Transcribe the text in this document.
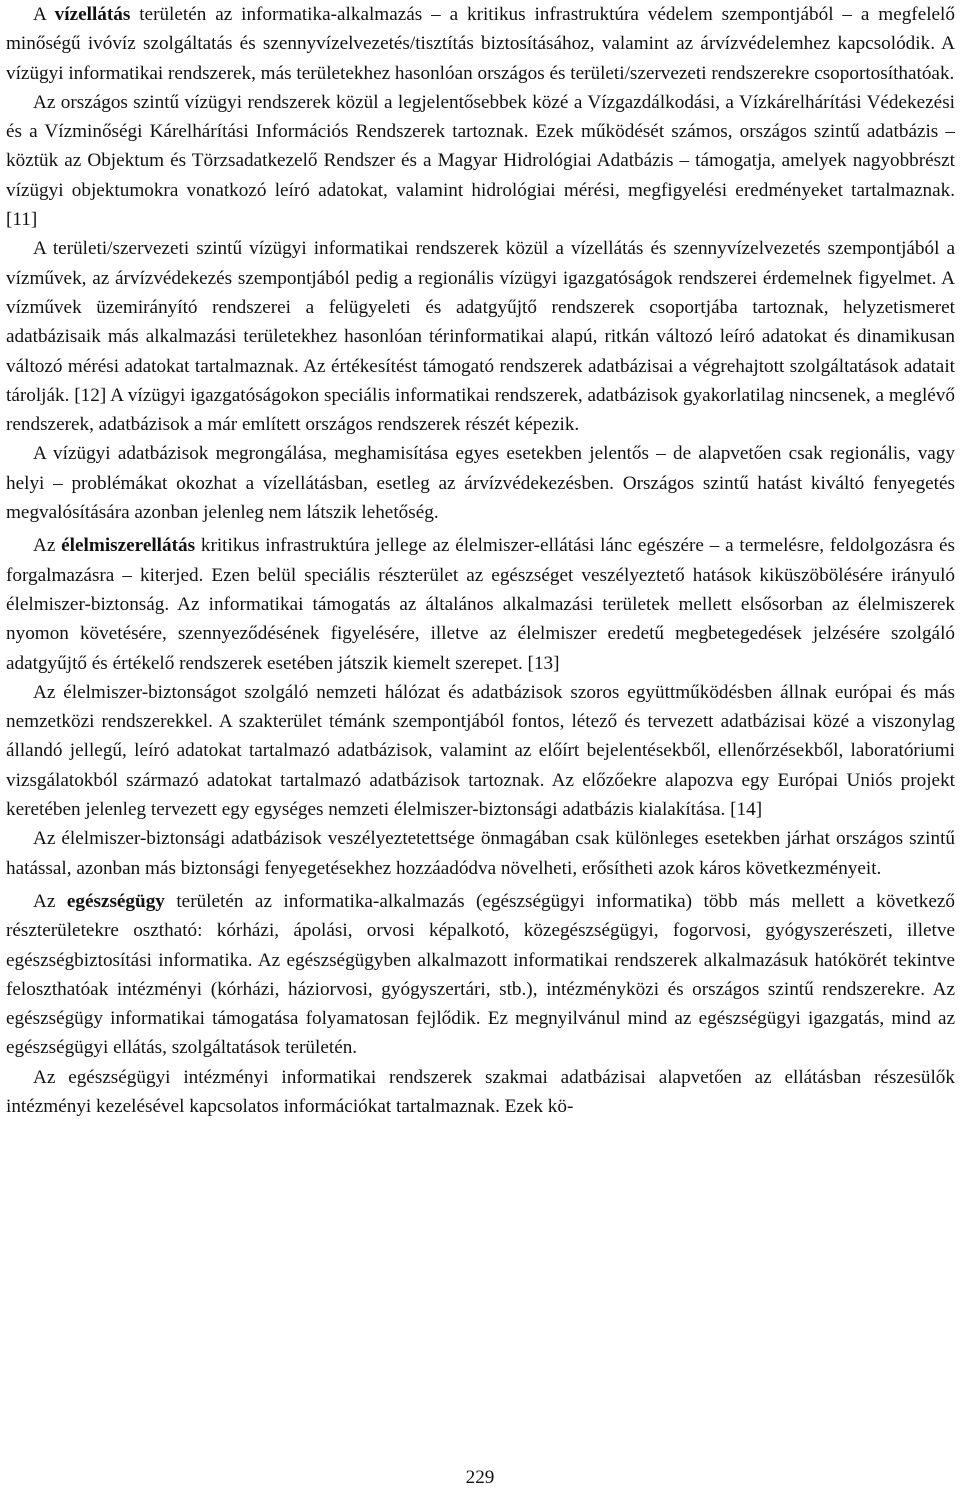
A vízellátás területén az informatika-alkalmazás – a kritikus infrastruktúra védelem szempontjából – a megfelelő minőségű ivóvíz szolgáltatás és szennyvízelvezetés/tisztítás biztosításához, valamint az árvízvédelemhez kapcsolódik. A vízügyi informatikai rendszerek, más területekhez hasonlóan országos és területi/szervezeti rendszerekre csoportosíthatóak.

Az országos szintű vízügyi rendszerek közül a legjelentősebbek közé a Vízgazdálkodási, a Vízkárelhárítási Védekezési és a Vízminőségi Kárelhárítási Információs Rendszerek tartoznak. Ezek működését számos, országos szintű adatbázis – köztük az Objektum és Törzsadatkezelő Rendszer és a Magyar Hidrológiai Adatbázis – támogatja, amelyek nagyobbrészt vízügyi objektumokra vonatkozó leíró adatokat, valamint hidrológiai mérési, megfigyelési eredményeket tartalmaznak. [11]

A területi/szervezeti szintű vízügyi informatikai rendszerek közül a vízellátás és szennyvízelvezetés szempontjából a vízművek, az árvízvédekezés szempontjából pedig a regionális vízügyi igazgatóságok rendszerei érdemelnek figyelmet. A vízművek üzemirányító rendszerei a felügyeleti és adatgyűjtő rendszerek csoportjába tartoznak, helyzetismeret adatbázisaik más alkalmazási területekhez hasonlóan térinformatikai alapú, ritkán változó leíró adatokat és dinamikusan változó mérési adatokat tartalmaznak. Az értékesítést támogató rendszerek adatbázisai a végrehajtott szolgáltatások adatait tárolják. [12] A vízügyi igazgatóságokon speciális informatikai rendszerek, adatbázisok gyakorlatilag nincsenek, a meglévő rendszerek, adatbázisok a már említett országos rendszerek részét képezik.

A vízügyi adatbázisok megrongálása, meghamisítása egyes esetekben jelentős – de alapvetően csak regionális, vagy helyi – problémákat okozhat a vízellátásban, esetleg az árvízvédekezésben. Országos szintű hatást kiváltó fenyegetés megvalósítására azonban jelenleg nem látszik lehetőség.

Az élelmiszerellátás kritikus infrastruktúra jellege az élelmiszer-ellátási lánc egészére – a termelésre, feldolgozásra és forgalmazásra – kiterjed. Ezen belül speciális részterület az egészséget veszélyeztető hatások kiküszöbölésére irányuló élelmiszer-biztonság. Az informatikai támogatás az általános alkalmazási területek mellett elsősorban az élelmiszerek nyomon követésére, szennyeződésének figyelésére, illetve az élelmiszer eredetű megbetegedések jelzésére szolgáló adatgyűjtő és értékelő rendszerek esetében játszik kiemelt szerepet. [13]

Az élelmiszer-biztonságot szolgáló nemzeti hálózat és adatbázisok szoros együttműködésben állnak európai és más nemzetközi rendszerekkel. A szakterület témánk szempontjából fontos, létező és tervezett adatbázisai közé a viszonylag állandó jellegű, leíró adatokat tartalmazó adatbázisok, valamint az előírt bejelentésekből, ellenőrzésekből, laboratóriumi vizsgálatokból származó adatokat tartalmazó adatbázisok tartoznak. Az előzőekre alapozva egy Európai Uniós projekt keretében jelenleg tervezett egy egységes nemzeti élelmiszer-biztonsági adatbázis kialakítása. [14]

Az élelmiszer-biztonsági adatbázisok veszélyeztetettsége önmagában csak különleges esetekben járhat országos szintű hatással, azonban más biztonsági fenyegetésekhez hozzáadódva növelheti, erősítheti azok káros következményeit.

Az egészségügy területén az informatika-alkalmazás (egészségügyi informatika) több más mellett a következő részterületekre osztható: kórházi, ápolási, orvosi képalkotó, közegészségügyi, fogorvosi, gyógyszerészeti, illetve egészségbiztosítási informatika. Az egészségügyben alkalmazott informatikai rendszerek alkalmazásuk hatókörét tekintve feloszthatóak intézményi (kórházi, háziorvosi, gyógyszertári, stb.), intézményközi és országos szintű rendszerekre. Az egészségügy informatikai támogatása folyamatosan fejlődik. Ez megnyilvánul mind az egészségügyi igazgatás, mind az egészségügyi ellátás, szolgáltatások területén.

Az egészségügyi intézményi informatikai rendszerek szakmai adatbázisai alapvetően az ellátásban részesülők intézményi kezelésével kapcsolatos információkat tartalmaznak. Ezek kö-

229
